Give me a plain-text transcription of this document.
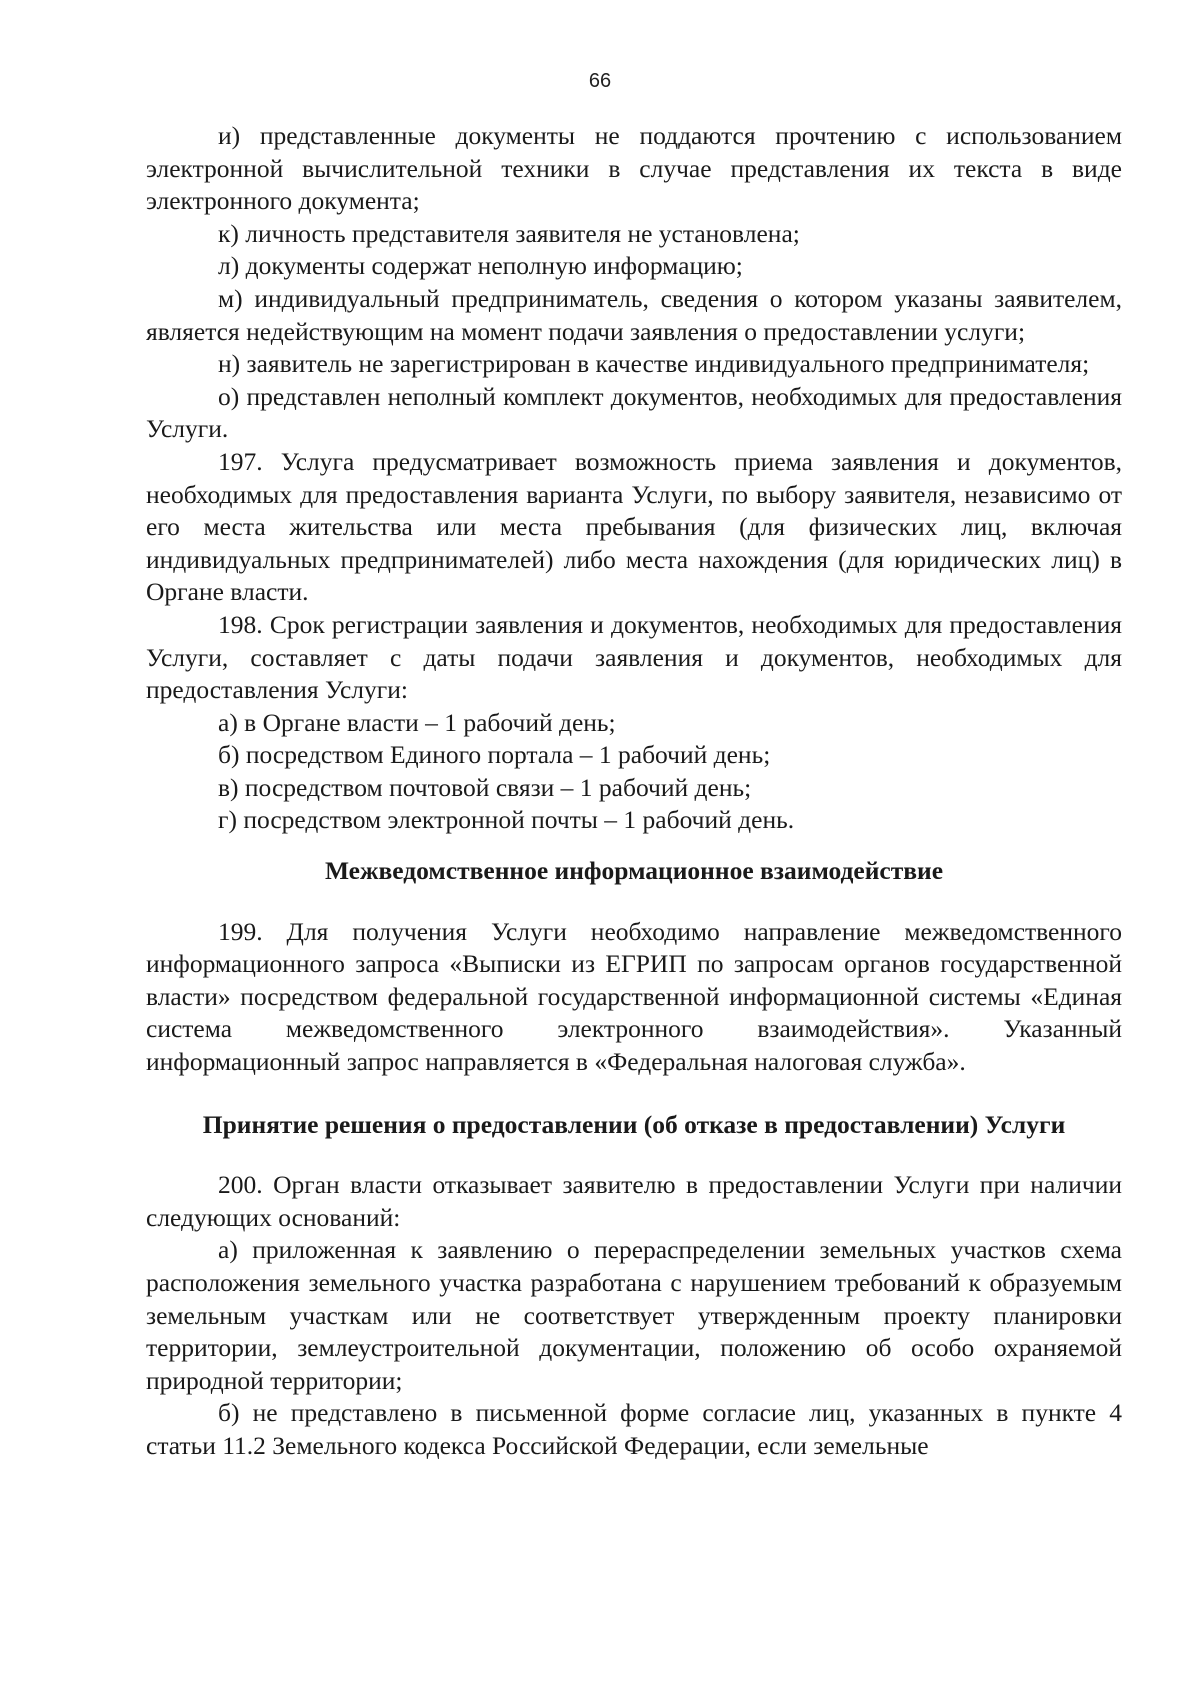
66

и) представленные документы не поддаются прочтению с использованием электронной вычислительной техники в случае представления их текста в виде электронного документа;

к) личность представителя заявителя не установлена;

л) документы содержат неполную информацию;

м) индивидуальный предприниматель, сведения о котором указаны заявителем, является недействующим на момент подачи заявления о предоставлении услуги;

н) заявитель не зарегистрирован в качестве индивидуального предпринимателя;

о) представлен неполный комплект документов, необходимых для предоставления Услуги.

197. Услуга предусматривает возможность приема заявления и документов, необходимых для предоставления варианта Услуги, по выбору заявителя, независимо от его места жительства или места пребывания (для физических лиц, включая индивидуальных предпринимателей) либо места нахождения (для юридических лиц) в Органе власти.

198. Срок регистрации заявления и документов, необходимых для предоставления Услуги, составляет с даты подачи заявления и документов, необходимых для предоставления Услуги:

а) в Органе власти – 1 рабочий день;

б) посредством Единого портала – 1 рабочий день;

в) посредством почтовой связи – 1 рабочий день;

г) посредством электронной почты – 1 рабочий день.

Межведомственное информационное взаимодействие

199. Для получения Услуги необходимо направление межведомственного информационного запроса «Выписки из ЕГРИП по запросам органов государственной власти» посредством федеральной государственной информационной системы «Единая система межведомственного электронного взаимодействия». Указанный информационный запрос направляется в «Федеральная налоговая служба».

Принятие решения о предоставлении (об отказе в предоставлении) Услуги

200. Орган власти отказывает заявителю в предоставлении Услуги при наличии следующих оснований:

а) приложенная к заявлению о перераспределении земельных участков схема расположения земельного участка разработана с нарушением требований к образуемым земельным участкам или не соответствует утвержденным проекту планировки территории, землеустроительной документации, положению об особо охраняемой природной территории;

б) не представлено в письменной форме согласие лиц, указанных в пункте 4 статьи 11.2 Земельного кодекса Российской Федерации, если земельные
